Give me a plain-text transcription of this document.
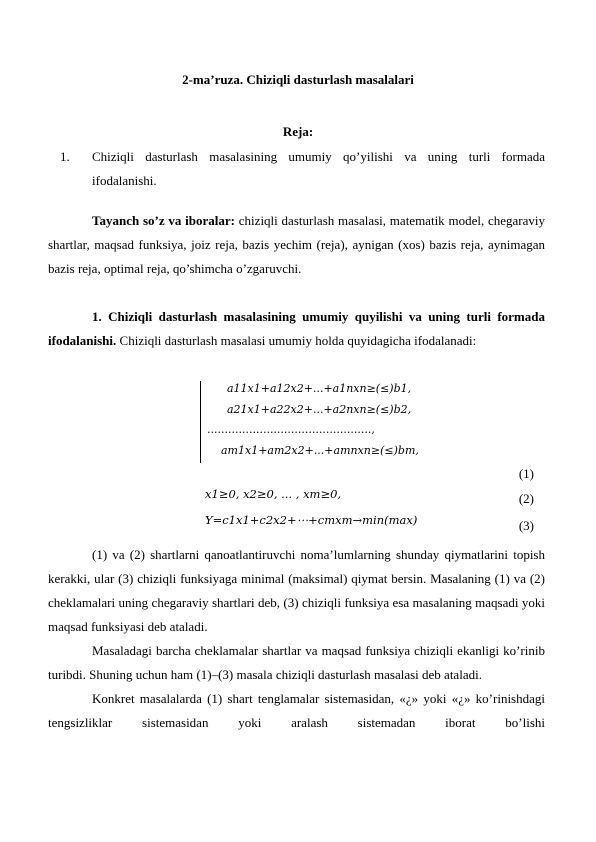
2-ma’ruza. Chiziqli dasturlash masalalari
Reja:
1. Chiziqli dasturlash masalasining umumiy qo’yilishi va uning turli formada ifodalanishi.
Tayanch so’z va iboralar: chiziqli dasturlash masalasi, matematik model, chegaraviy shartlar, maqsad funksiya, joiz reja, bazis yechim (reja), aynigan (xos) bazis reja, aynimagan bazis reja, optimal reja, qo’shimcha o’zgaruvchi.
1. Chiziqli dasturlash masalasining umumiy quyilishi va uning turli formada ifodalanishi. Chiziqli dasturlash masalasi umumiy holda quyidagicha ifodalanadi:
a11x1+a12x2+...+a1nxn≥(≤)b1,
a21x1+a22x2+...+a2nxn≥(≤)b2,
...............................................,
am1x1+am2x2+...+amnxn≥(≤)bm,
(1)
x1≥0, x2≥0, ... , xm≥0,	(2)
Y=c1x1+c2x2+⋯+cmxm→min(max)	(3)
(1) va (2) shartlarni qanoatlantiruvchi noma’lumlarning shunday qiymatlarini topish kerakki, ular (3) chiziqli funksiyaga minimal (maksimal) qiymat bersin. Masalaning (1) va (2) cheklamalari uning chegaraviy shartlari deb, (3) chiziqli funksiya esa masalaning maqsadi yoki maqsad funksiyasi deb ataladi.
Masaladagi barcha cheklamalar shartlar va maqsad funksiya chiziqli ekanligi ko’rinib turibdi. Shuning uchun ham (1)–(3) masala chiziqli dasturlash masalasi deb ataladi.
Konkret masalalarda (1) shart tenglamalar sistemasidan, «¿» yoki «¿» ko’rinishdagi tengsizliklar sistemasidan yoki aralash sistemadan iborat bo’lishi
